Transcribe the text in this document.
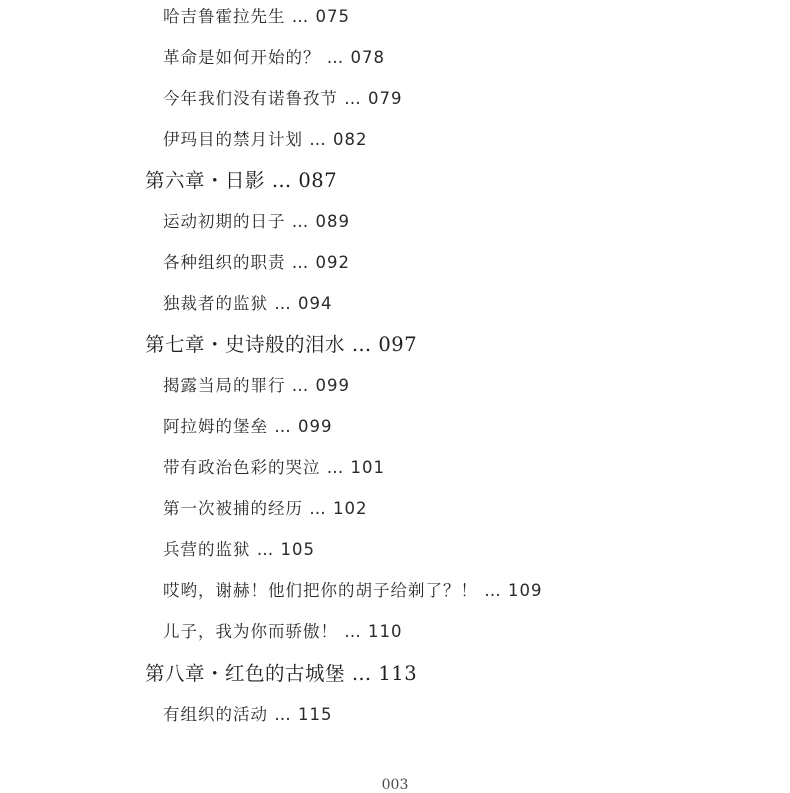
哈吉鲁霍拉先生 … 075
革命是如何开始的？ … 078
今年我们没有诺鲁孜节 … 079
伊玛目的禁月计划 … 082
第六章・日影 … 087
运动初期的日子 … 089
各种组织的职责 … 092
独裁者的监狱 … 094
第七章・史诗般的泪水 … 097
揭露当局的罪行 … 099
阿拉姆的堡垒 … 099
带有政治色彩的哭泣 … 101
第一次被捕的经历 … 102
兵营的监狱 … 105
哎哟，谢赫！他们把你的胡子给剃了？！ … 109
儿子，我为你而骄傲！ … 110
第八章・红色的古城堡 … 113
有组织的活动 … 115
003
